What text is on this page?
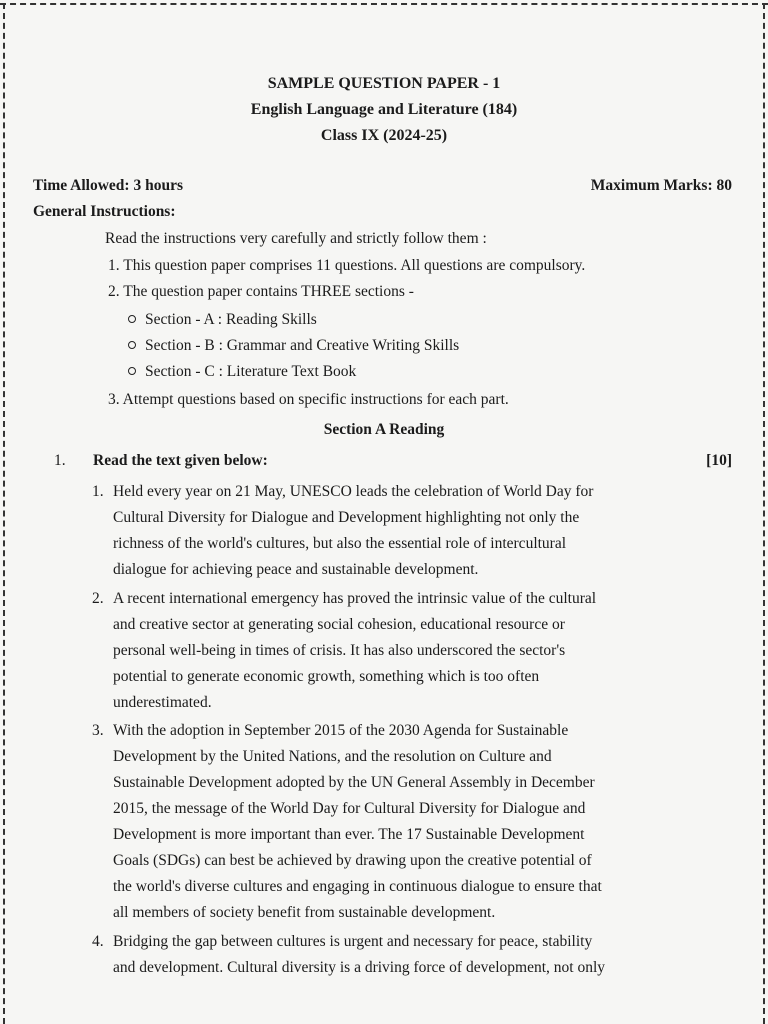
SAMPLE QUESTION PAPER - 1
English Language and Literature (184)
Class IX (2024-25)
Time Allowed: 3 hours	Maximum Marks: 80
General Instructions:
Read the instructions very carefully and strictly follow them :
1. This question paper comprises 11 questions. All questions are compulsory.
2. The question paper contains THREE sections -
Section - A : Reading Skills
Section - B : Grammar and Creative Writing Skills
Section - C : Literature Text Book
3. Attempt questions based on specific instructions for each part.
Section A Reading
1. Read the text given below:	[10]
1. Held every year on 21 May, UNESCO leads the celebration of World Day for
Cultural Diversity for Dialogue and Development highlighting not only the
richness of the world's cultures, but also the essential role of intercultural
dialogue for achieving peace and sustainable development.
2. A recent international emergency has proved the intrinsic value of the cultural
and creative sector at generating social cohesion, educational resource or
personal well-being in times of crisis. It has also underscored the sector's
potential to generate economic growth, something which is too often
underestimated.
3. With the adoption in September 2015 of the 2030 Agenda for Sustainable
Development by the United Nations, and the resolution on Culture and
Sustainable Development adopted by the UN General Assembly in December
2015, the message of the World Day for Cultural Diversity for Dialogue and
Development is more important than ever. The 17 Sustainable Development
Goals (SDGs) can best be achieved by drawing upon the creative potential of
the world's diverse cultures and engaging in continuous dialogue to ensure that
all members of society benefit from sustainable development.
4. Bridging the gap between cultures is urgent and necessary for peace, stability
and development. Cultural diversity is a driving force of development, not only
